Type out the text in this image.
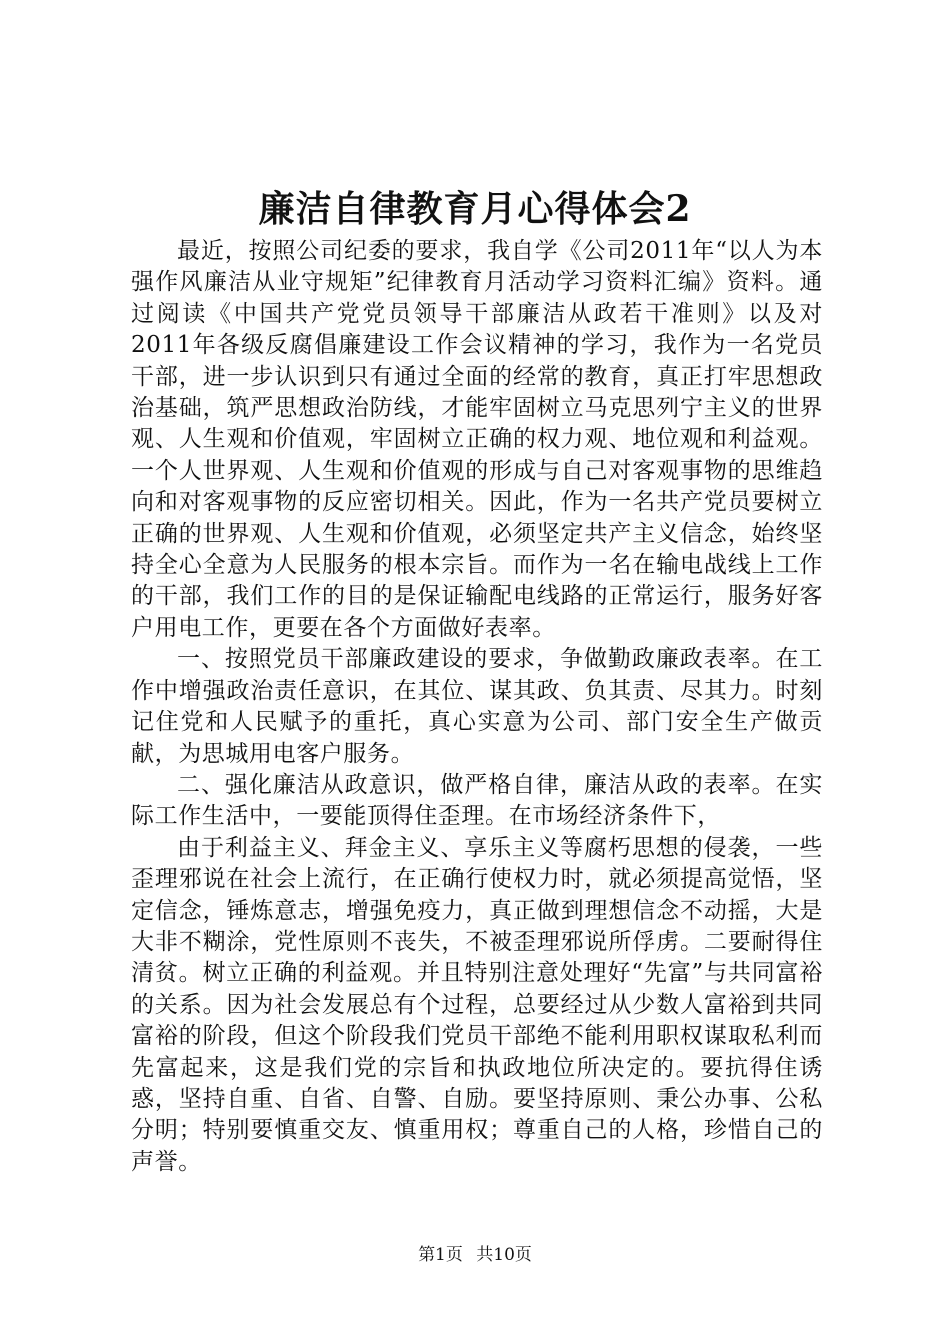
廉洁自律教育月心得体会2

最近，按照公司纪委的要求，我自学《公司2011年“以人为本强作风廉洁从业守规矩”纪律教育月活动学习资料汇编》资料。通过阅读《中国共产党党员领导干部廉洁从政若干准则》以及对2011年各级反腐倡廉建设工作会议精神的学习，我作为一名党员干部，进一步认识到只有通过全面的经常的教育，真正打牢思想政治基础，筑严思想政治防线，才能牢固树立马克思列宁主义的世界观、人生观和价值观，牢固树立正确的权力观、地位观和利益观。一个人世界观、人生观和价值观的形成与自己对客观事物的思维趋向和对客观事物的反应密切相关。因此，作为一名共产党员要树立正确的世界观、人生观和价值观，必须坚定共产主义信念，始终坚持全心全意为人民服务的根本宗旨。而作为一名在输电战线上工作的干部，我们工作的目的是保证输配电线路的正常运行，服务好客户用电工作，更要在各个方面做好表率。

一、按照党员干部廉政建设的要求，争做勤政廉政表率。在工作中增强政治责任意识，在其位、谋其政、负其责、尽其力。时刻记住党和人民赋予的重托，真心实意为公司、部门安全生产做贡献，为思城用电客户服务。

二、强化廉洁从政意识，做严格自律，廉洁从政的表率。在实际工作生活中，一要能顶得住歪理。在市场经济条件下，

由于利益主义、拜金主义、享乐主义等腐朽思想的侵袭，一些歪理邪说在社会上流行，在正确行使权力时，就必须提高觉悟，坚定信念，锤炼意志，增强免疫力，真正做到理想信念不动摇，大是大非不糊涂，党性原则不丧失，不被歪理邪说所俘虏。二要耐得住清贫。树立正确的利益观。并且特别注意处理好“先富”与共同富裕的关系。因为社会发展总有个过程，总要经过从少数人富裕到共同富裕的阶段，但这个阶段我们党员干部绝不能利用职权谋取私利而先富起来，这是我们党的宗旨和执政地位所决定的。要抗得住诱惑，坚持自重、自省、自警、自励。要坚持原则、秉公办事、公私分明；特别要慎重交友、慎重用权；尊重自己的人格，珍惜自己的声誉。

第1页 共10页
